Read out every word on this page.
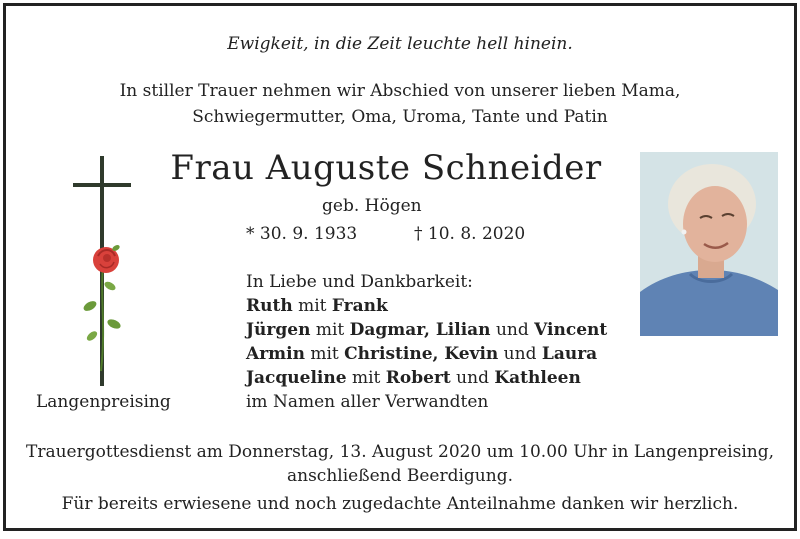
Ewigkeit, in die Zeit leuchte hell hinein.
In stiller Trauer nehmen wir Abschied von unserer lieben Mama,
Schwiegermutter, Oma, Uroma, Tante und Patin
Frau Auguste Schneider
geb. Högen
* 30. 9. 1933	† 10. 8. 2020
Langenpreising
In Liebe und Dankbarkeit:
Ruth mit Frank
Jürgen mit Dagmar, Lilian und Vincent
Armin mit Christine, Kevin und Laura
Jacqueline mit Robert und Kathleen
im Namen aller Verwandten
Trauergottesdienst am Donnerstag, 13. August 2020 um 10.00 Uhr in Langenpreising,
anschließend Beerdigung.
Für bereits erwiesene und noch zugedachte Anteilnahme danken wir herzlich.
